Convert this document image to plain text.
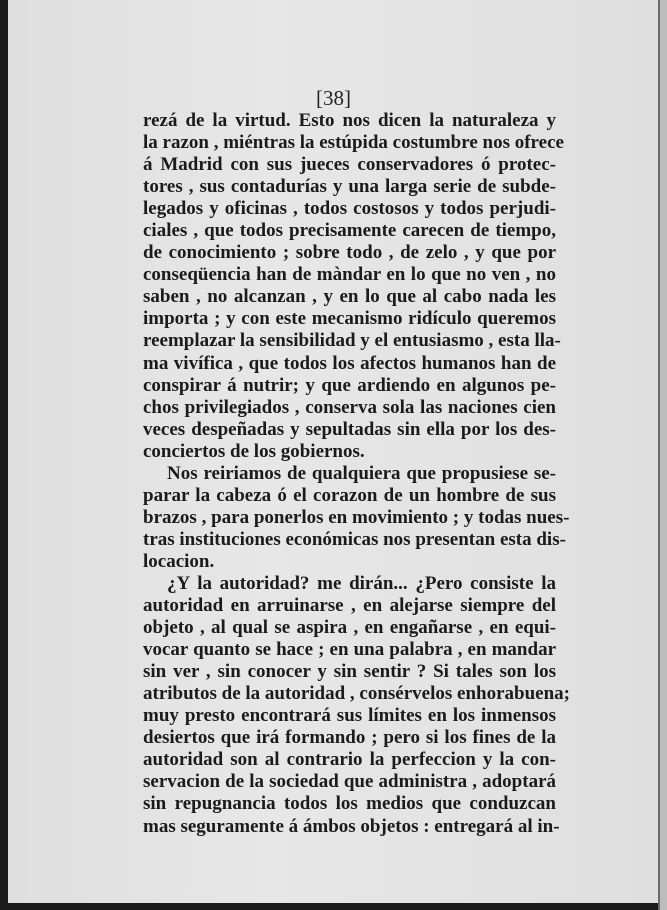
[38]
rezá de la virtud. Esto nos dicen la naturaleza y
la razon , miéntras la estúpida costumbre nos ofrece
á Madrid con sus jueces conservadores ó protec-
tores , sus contadurías y una larga serie de subde-
legados y oficinas , todos costosos y todos perjudi-
ciales , que todos precisamente carecen de tiempo,
de conocimiento ; sobre todo , de zelo , y que por
conseqüencia han de màndar en lo que no ven , no
saben , no alcanzan , y en lo que al cabo nada les
importa ; y con este mecanismo ridículo queremos
reemplazar la sensibilidad y el entusiasmo , esta lla-
ma vivífica , que todos los afectos humanos han de
conspirar á nutrir; y que ardiendo en algunos pe-
chos privilegiados , conserva sola las naciones cien
veces despeñadas y sepultadas sin ella por los des-
conciertos de los gobiernos.
Nos reiriamos de qualquiera que propusiese se-
parar la cabeza ó el corazon de un hombre de sus
brazos , para ponerlos en movimiento ; y todas nues-
tras instituciones económicas nos presentan esta dis-
locacion.
¿Y la autoridad? me dirán... ¿Pero consiste la
autoridad en arruinarse , en alejarse siempre del
objeto , al qual se aspira , en engañarse , en equi-
vocar quanto se hace ; en una palabra , en mandar
sin ver , sin conocer y sin sentir ? Si tales son los
atributos de la autoridad , consérvelos enhorabuena;
muy presto encontrará sus límites en los inmensos
desiertos que irá formando ; pero si los fines de la
autoridad son al contrario la perfeccion y la con-
servacion de la sociedad que administra , adoptará
sin repugnancia todos los medios que conduzcan
mas seguramente á ámbos objetos : entregará al in-
